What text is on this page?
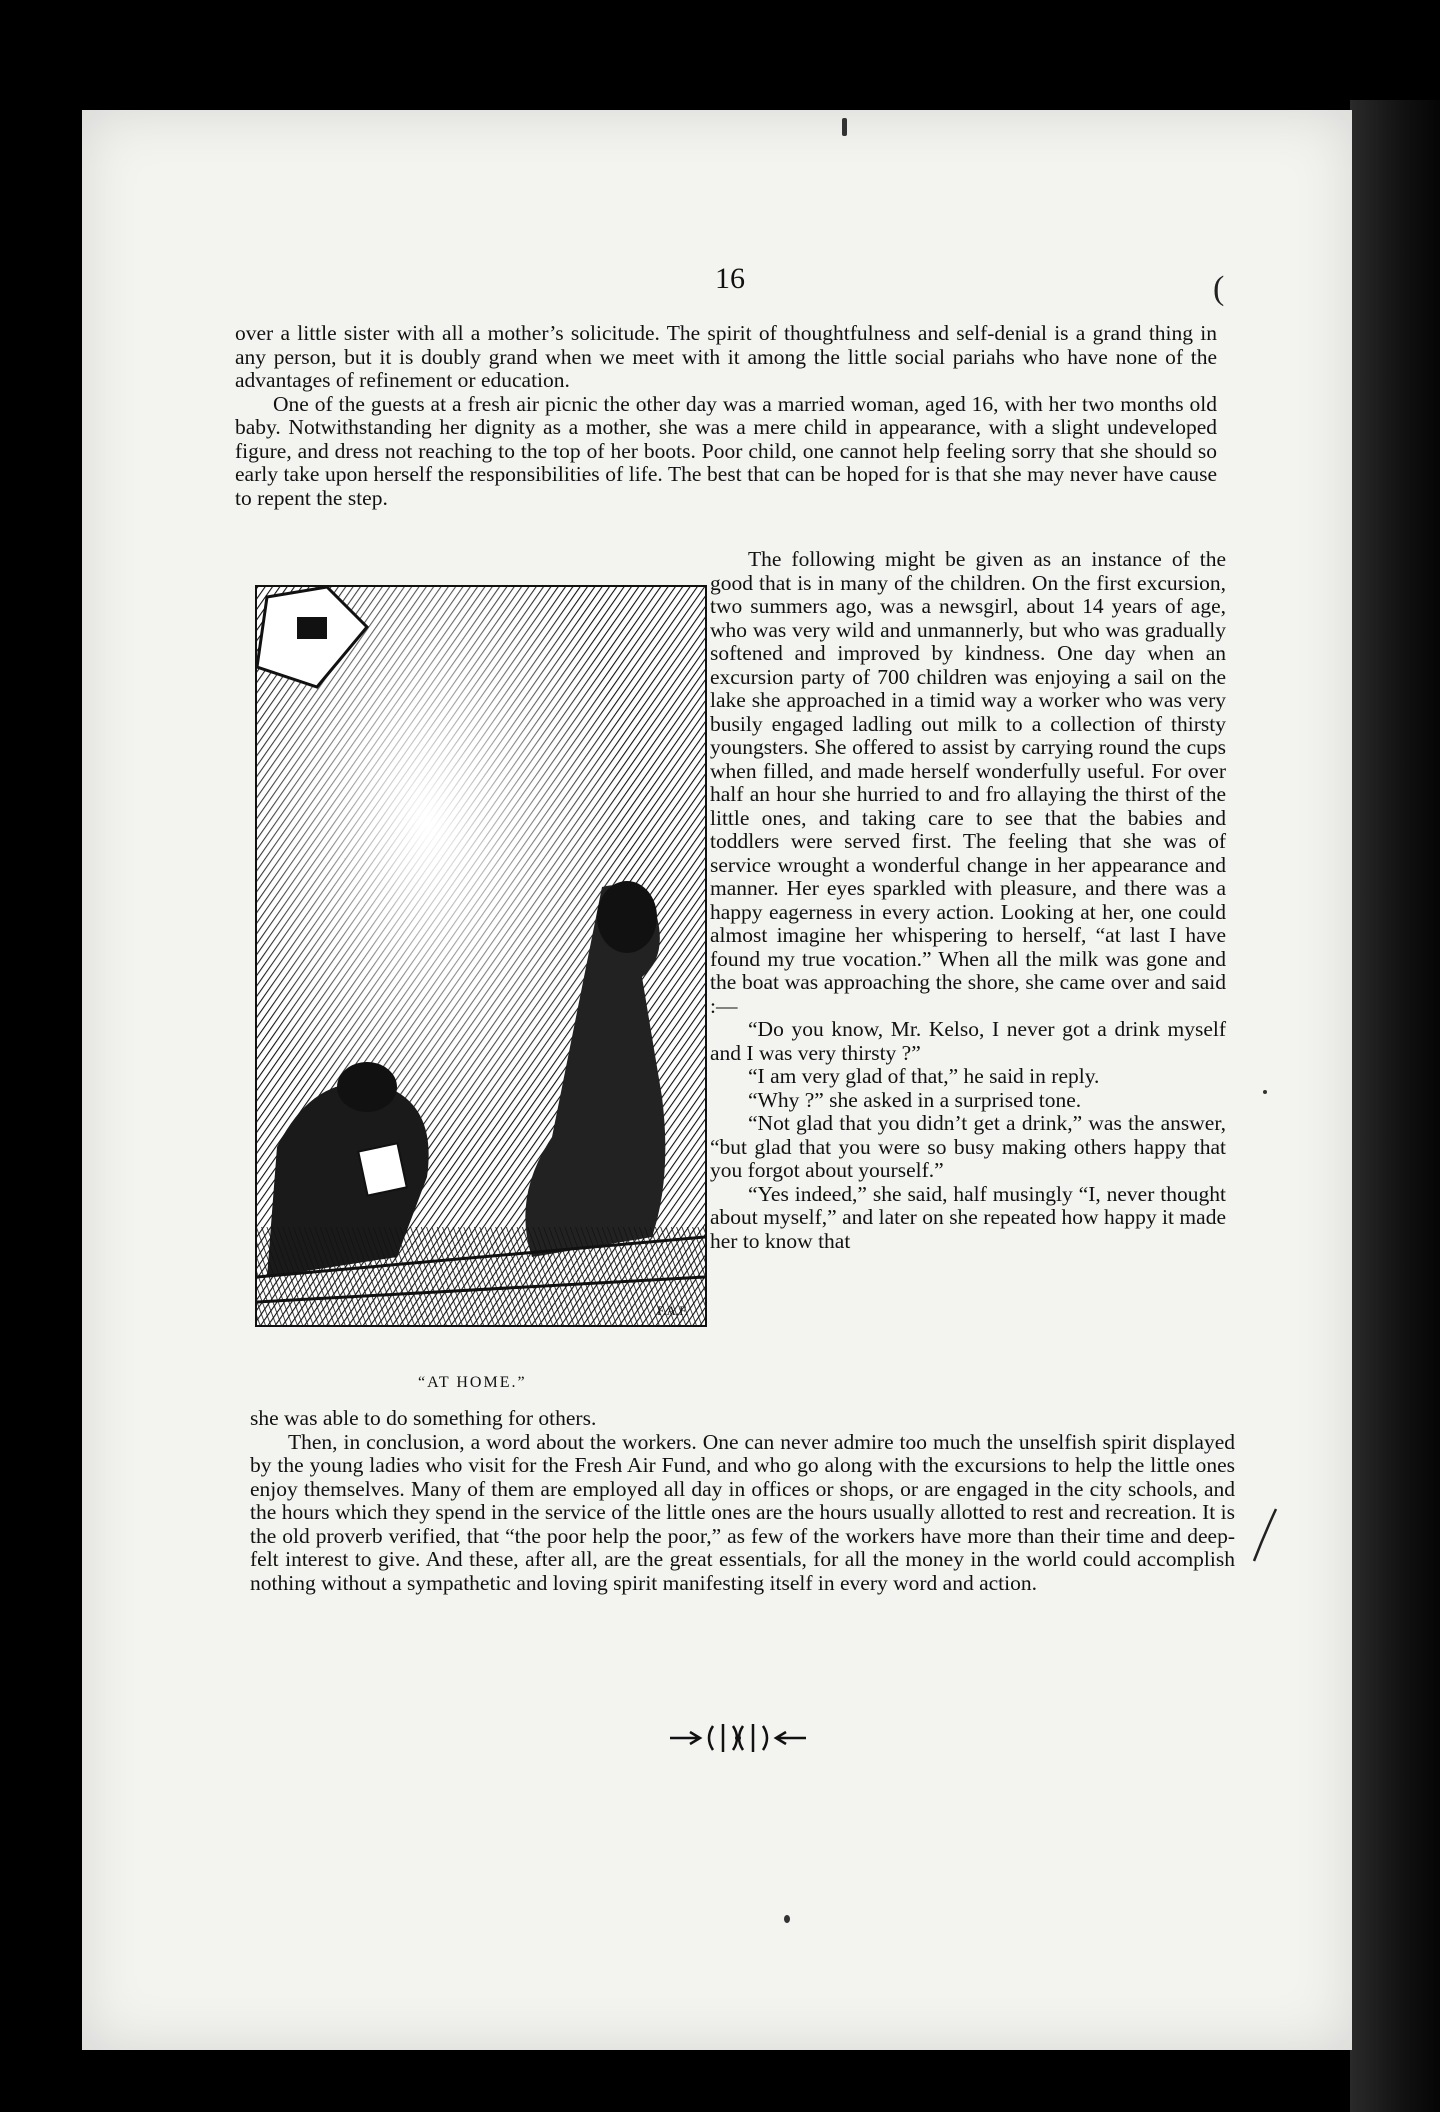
16	(

over a little sister with all a mother’s solicitude. The spirit of thoughtfulness and self-denial is a grand thing in any person, but it is doubly grand when we meet with it among the little social pariahs who have none of the advantages of refinement or education.

One of the guests at a fresh air picnic the other day was a married woman, aged 16, with her two months old baby. Notwithstanding her dignity as a mother, she was a mere child in appearance, with a slight undeveloped figure, and dress not reaching to the top of her boots. Poor child, one cannot help feeling sorry that she should so early take upon herself the responsibilities of life. The best that can be hoped for is that she may never have cause to repent the step.

F.A.F.
“AT HOME.”

The following might be given as an instance of the good that is in many of the children. On the first excursion, two summers ago, was a newsgirl, about 14 years of age, who was very wild and unmannerly, but who was gradually softened and improved by kindness. One day when an excursion party of 700 children was enjoying a sail on the lake she approached in a timid way a worker who was very busily engaged ladling out milk to a collection of thirsty youngsters. She offered to assist by carrying round the cups when filled, and made herself wonderfully useful. For over half an hour she hurried to and fro allaying the thirst of the little ones, and taking care to see that the babies and toddlers were served first. The feeling that she was of service wrought a wonderful change in her appearance and manner. Her eyes sparkled with pleasure, and there was a happy eagerness in every action. Looking at her, one could almost imagine her whispering to herself, “at last I have found my true vocation.” When all the milk was gone and the boat was approaching the shore, she came over and said :—

“Do you know, Mr. Kelso, I never got a drink myself and I was very thirsty ?”

“I am very glad of that,” he said in reply.

“Why ?” she asked in a surprised tone.

“Not glad that you didn’t get a drink,” was the answer, “but glad that you were so busy making others happy that you forgot about yourself.”

“Yes indeed,” she said, half musingly “I, never thought about myself,” and later on she repeated how happy it made her to know that

she was able to do something for others.

Then, in conclusion, a word about the workers. One can never admire too much the unselfish spirit displayed by the young ladies who visit for the Fresh Air Fund, and who go along with the excursions to help the little ones enjoy themselves. Many of them are employed all day in offices or shops, or are engaged in the city schools, and the hours which they spend in the service of the little ones are the hours usually allotted to rest and recreation. It is the old proverb verified, that “the poor help the poor,” as few of the workers have more than their time and deep-felt interest to give. And these, after all, are the great essentials, for all the money in the world could accomplish nothing without a sympathetic and loving spirit manifesting itself in every word and action.
